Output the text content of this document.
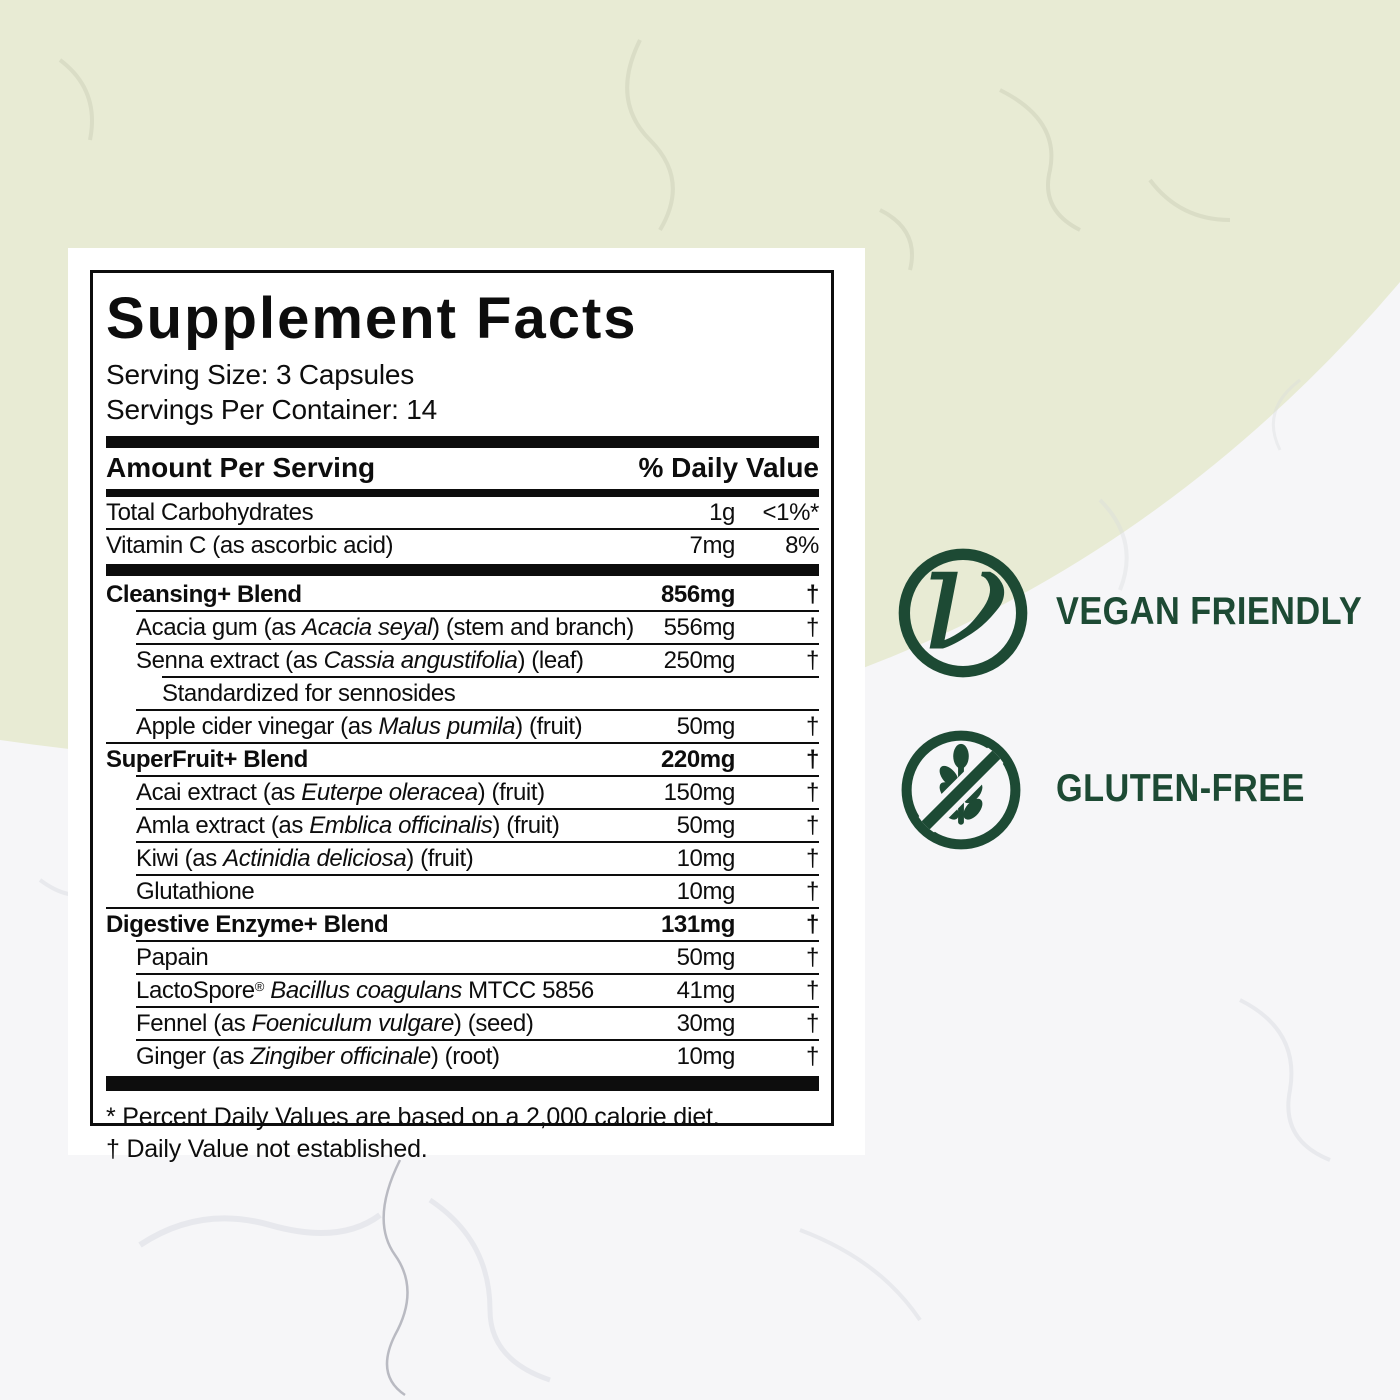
Supplement Facts
Serving Size: 3 Capsules
Servings Per Container: 14
Amount Per Serving	% Daily Value
Total Carbohydrates	1g	<1%*
Vitamin C (as ascorbic acid)	7mg	8%
Cleansing+ Blend	856mg	†
Acacia gum (as Acacia seyal) (stem and branch)	556mg	†
Senna extract (as Cassia angustifolia) (leaf)	250mg	†
Standardized for sennosides
Apple cider vinegar (as Malus pumila) (fruit)	50mg	†
SuperFruit+ Blend	220mg	†
Acai extract (as Euterpe oleracea) (fruit)	150mg	†
Amla extract (as Emblica officinalis) (fruit)	50mg	†
Kiwi (as Actinidia deliciosa) (fruit)	10mg	†
Glutathione	10mg	†
Digestive Enzyme+ Blend	131mg	†
Papain	50mg	†
LactoSpore® Bacillus coagulans MTCC 5856	41mg	†
Fennel (as Foeniculum vulgare) (seed)	30mg	†
Ginger (as Zingiber officinale) (root)	10mg	†
* Percent Daily Values are based on a 2,000 calorie diet.
† Daily Value not established.
ν VEGAN FRIENDLY
GLUTEN-FREE
